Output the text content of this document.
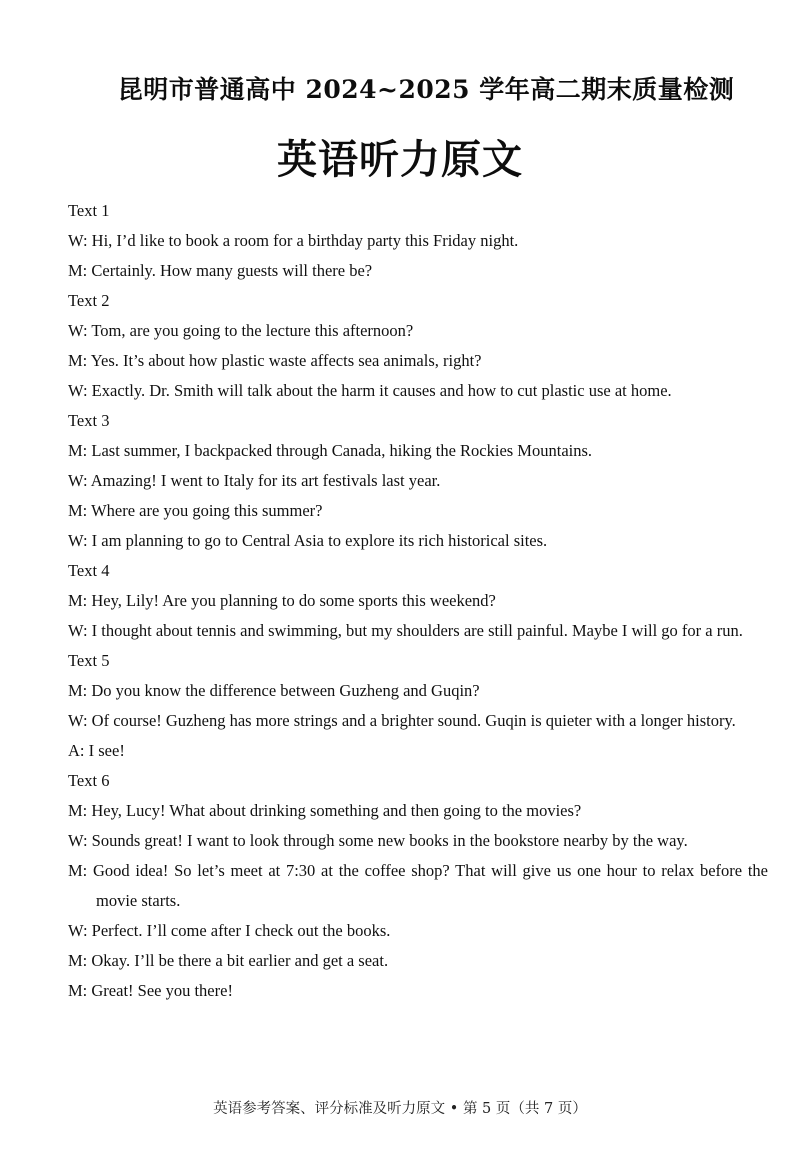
昆明市普通高中 2024~2025 学年高二期末质量检测
英语听力原文
Text 1
W: Hi, I’d like to book a room for a birthday party this Friday night.
M: Certainly. How many guests will there be?
Text 2
W: Tom, are you going to the lecture this afternoon?
M: Yes. It’s about how plastic waste affects sea animals, right?
W: Exactly. Dr. Smith will talk about the harm it causes and how to cut plastic use at home.
Text 3
M: Last summer, I backpacked through Canada, hiking the Rockies Mountains.
W: Amazing! I went to Italy for its art festivals last year.
M: Where are you going this summer?
W: I am planning to go to Central Asia to explore its rich historical sites.
Text 4
M: Hey, Lily! Are you planning to do some sports this weekend?
W: I thought about tennis and swimming, but my shoulders are still painful. Maybe I will go for a run.
Text 5
M: Do you know the difference between Guzheng and Guqin?
W: Of course! Guzheng has more strings and a brighter sound. Guqin is quieter with a longer history.
A: I see!
Text 6
M: Hey, Lucy! What about drinking something and then going to the movies?
W: Sounds great! I want to look through some new books in the bookstore nearby by the way.
M: Good idea! So let’s meet at 7:30 at the coffee shop? That will give us one hour to relax before the movie starts.
W: Perfect. I’ll come after I check out the books.
M: Okay. I’ll be there a bit earlier and get a seat.
M: Great! See you there!
英语参考答案、评分标准及听力原文 • 第 5 页（共 7 页）
